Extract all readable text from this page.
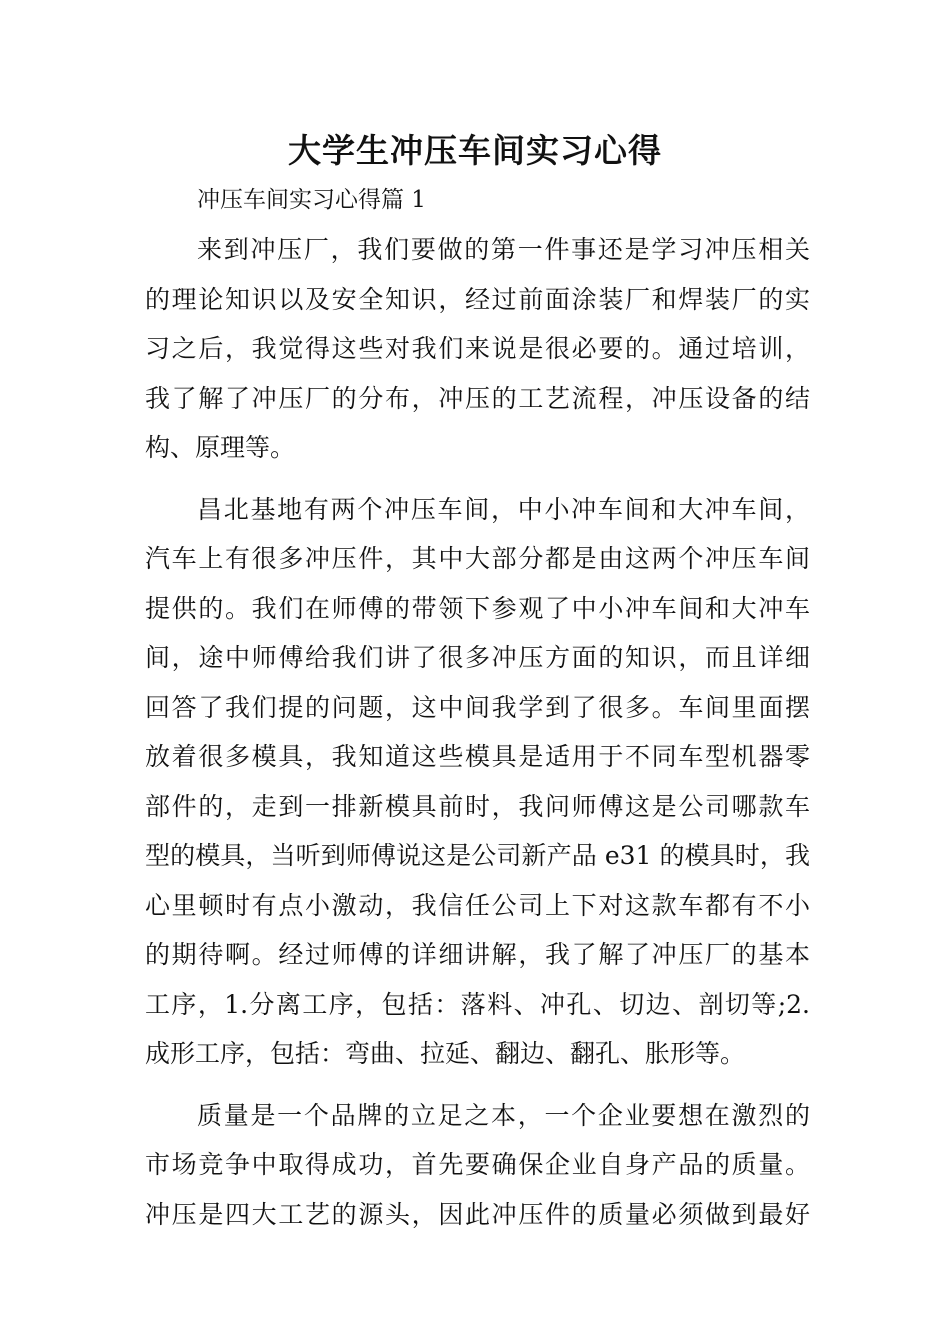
大学生冲压车间实习心得

冲压车间实习心得篇 1

来到冲压厂，我们要做的第一件事还是学习冲压相关
的理论知识以及安全知识，经过前面涂装厂和焊装厂的实
习之后，我觉得这些对我们来说是很必要的。通过培训，
我了解了冲压厂的分布，冲压的工艺流程，冲压设备的结
构、原理等。
昌北基地有两个冲压车间，中小冲车间和大冲车间，
汽车上有很多冲压件，其中大部分都是由这两个冲压车间
提供的。我们在师傅的带领下参观了中小冲车间和大冲车
间，途中师傅给我们讲了很多冲压方面的知识，而且详细
回答了我们提的问题，这中间我学到了很多。车间里面摆
放着很多模具，我知道这些模具是适用于不同车型机器零
部件的，走到一排新模具前时，我问师傅这是公司哪款车
型的模具，当听到师傅说这是公司新产品 e31 的模具时，我
心里顿时有点小激动，我信任公司上下对这款车都有不小
的期待啊。经过师傅的详细讲解，我了解了冲压厂的基本
工序，1.分离工序，包括：落料、冲孔、切边、剖切等;2.
成形工序，包括：弯曲、拉延、翻边、翻孔、胀形等。
质量是一个品牌的立足之本，一个企业要想在激烈的
市场竞争中取得成功，首先要确保企业自身产品的质量。
冲压是四大工艺的源头，因此冲压件的质量必须做到最好
